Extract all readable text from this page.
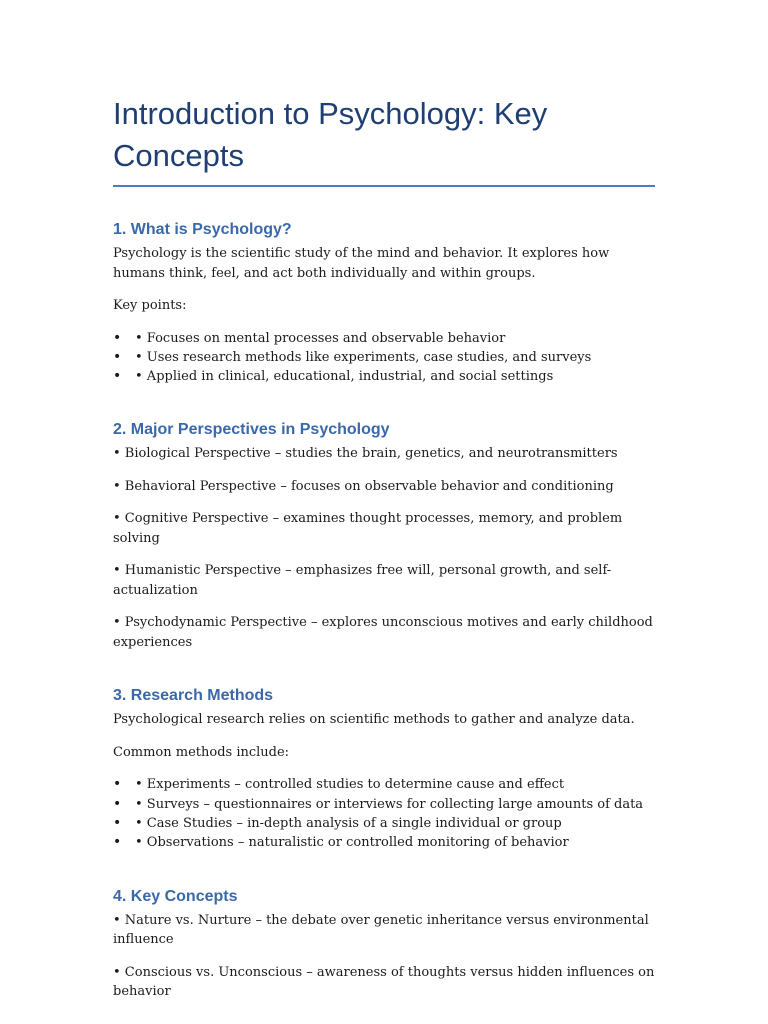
Introduction to Psychology: Key Concepts
1. What is Psychology?

Psychology is the scientific study of the mind and behavior. It explores how humans think, feel, and act both individually and within groups.

Key points:

• • Focuses on mental processes and observable behavior
• • Uses research methods like experiments, case studies, and surveys
• • Applied in clinical, educational, industrial, and social settings
2. Major Perspectives in Psychology

• Biological Perspective – studies the brain, genetics, and neurotransmitters

• Behavioral Perspective – focuses on observable behavior and conditioning

• Cognitive Perspective – examines thought processes, memory, and problem solving

• Humanistic Perspective – emphasizes free will, personal growth, and self-actualization

• Psychodynamic Perspective – explores unconscious motives and early childhood experiences

3. Research Methods

Psychological research relies on scientific methods to gather and analyze data.

Common methods include:

• • Experiments – controlled studies to determine cause and effect
• • Surveys – questionnaires or interviews for collecting large amounts of data
• • Case Studies – in-depth analysis of a single individual or group
• • Observations – naturalistic or controlled monitoring of behavior
4. Key Concepts

• Nature vs. Nurture – the debate over genetic inheritance versus environmental influence

• Conscious vs. Unconscious – awareness of thoughts versus hidden influences on behavior
